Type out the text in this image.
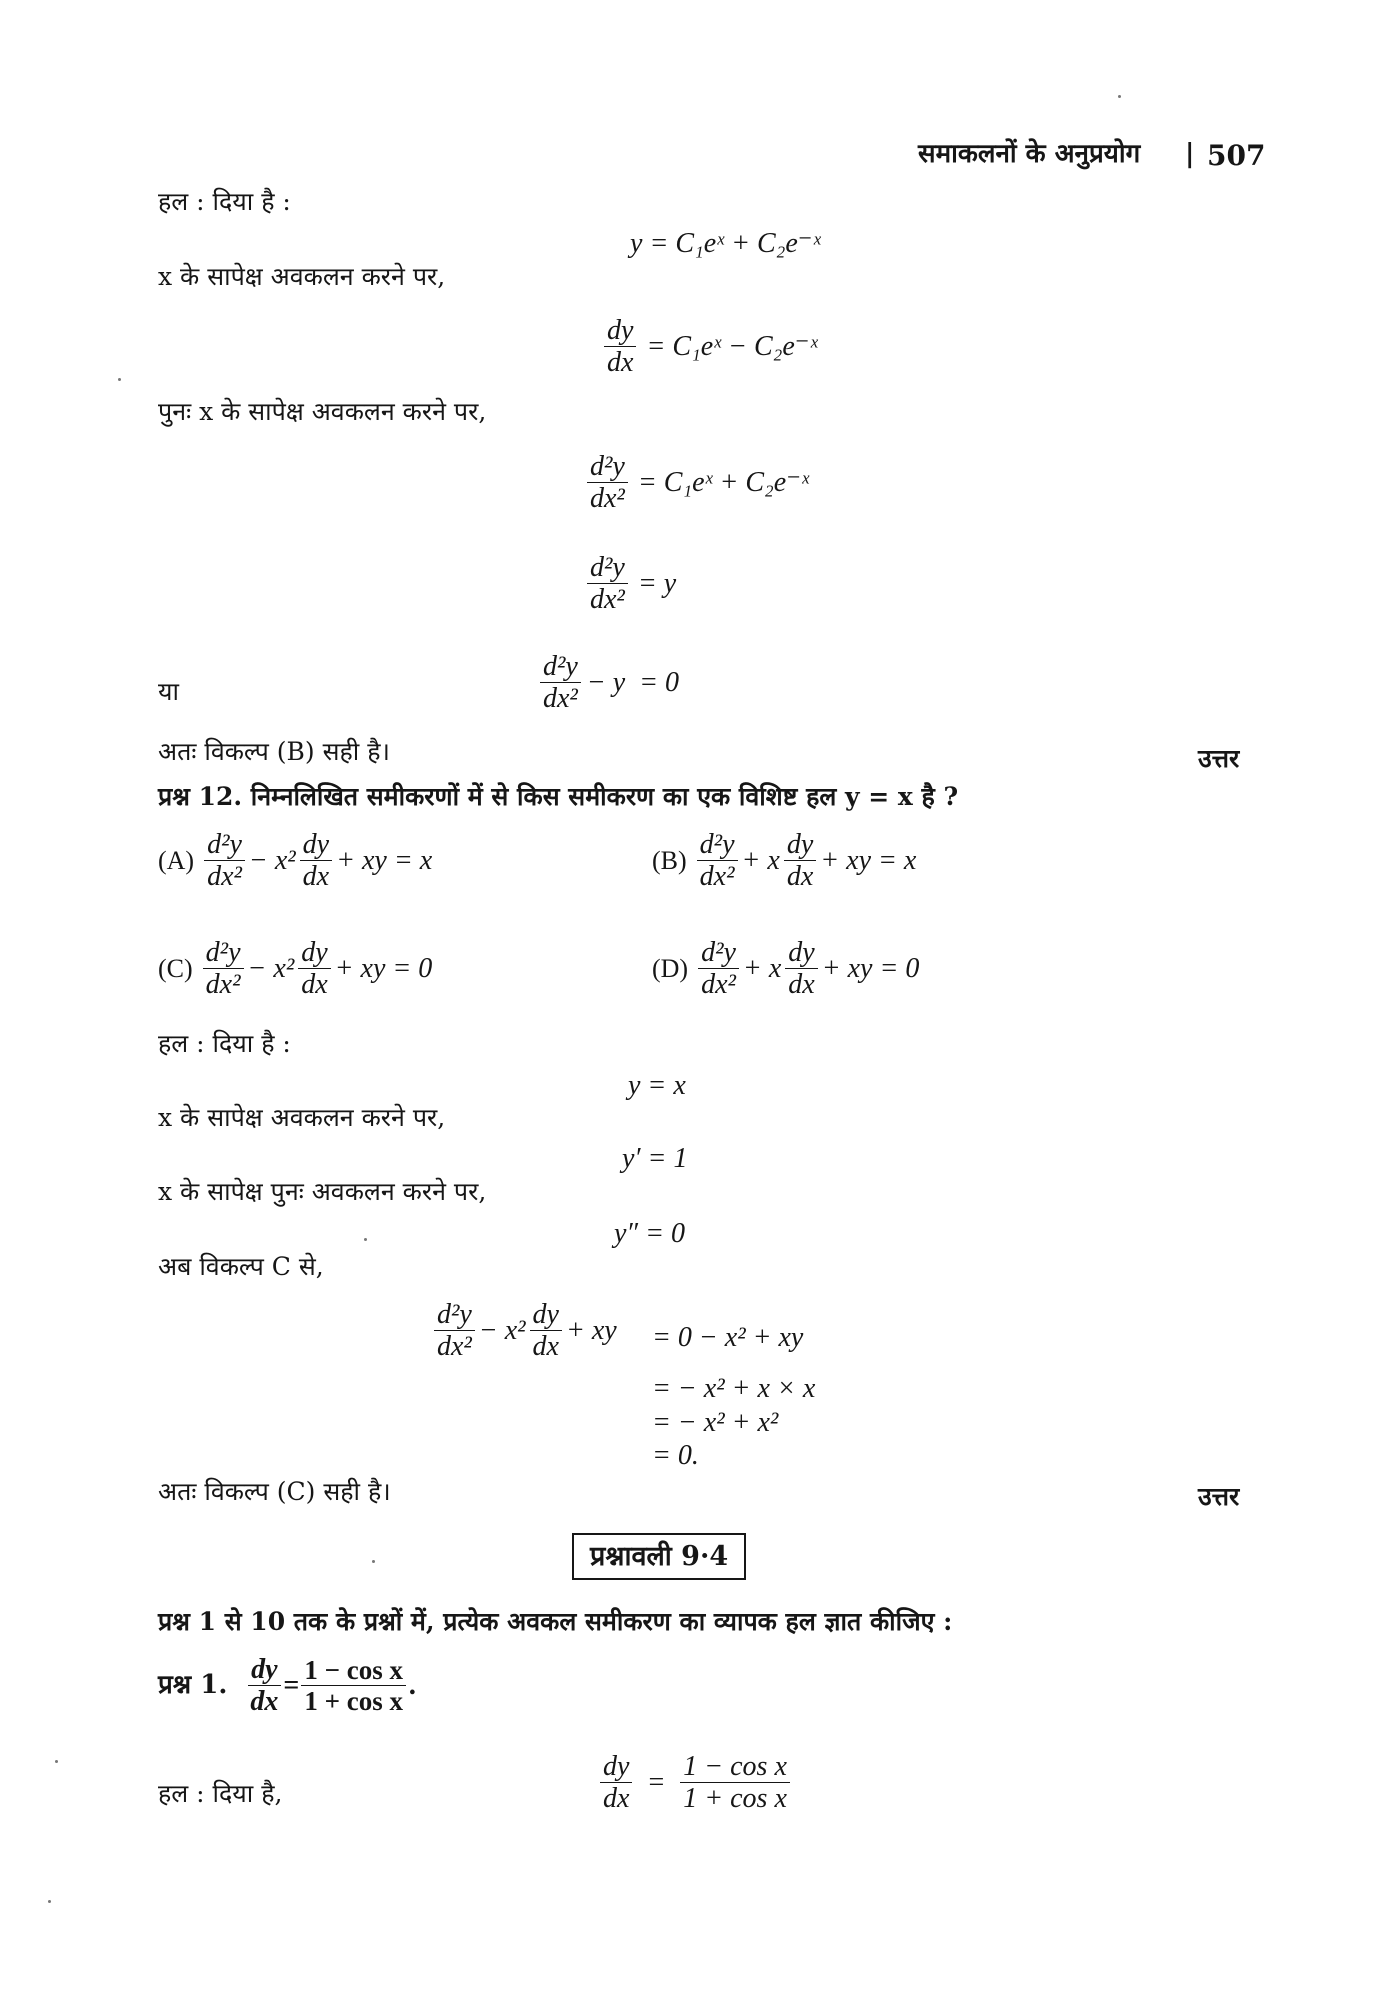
समाकलनों के अनुप्रयोग | 507
हल : दिया है :
y = C₁eˣ + C₂e⁻ˣ
x के सापेक्ष अवकलन करने पर,
$\frac{dy}{dx}$ = C₁eˣ − C₂e⁻ˣ
पुनः x के सापेक्ष अवकलन करने पर,
$\frac{\text{d²y}}{\text{dx²}}$ = C₁eˣ + C₂e⁻ˣ
$\frac{\text{d²y}}{\text{dx²}} = y$
या	$\frac{\text{d²y}}{\text{dx²}} - y = 0$
अतः विकल्प (B) सही है।	उत्तर
प्रश्न 12. निम्नलिखित समीकरणों में से किस समीकरण का एक विशिष्ट हल y = x है ?
$(A) \frac{\text{d²y}}{\text{dx²}} - x^2 \frac{dy}{dx}$ + xy = x	$(B) \frac{\text{d²y}}{\text{dx²}} + x \frac{dy}{dx}$ + xy = x
$(C) \frac{\text{d²y}}{\text{dx²}} - x^2 \frac{dy}{dx}$ + xy = 0	$(D) \frac{\text{d²y}}{\text{dx²}} + x \frac{dy}{dx}$ + xy = 0
हल : दिया है :
y = x
x के सापेक्ष अवकलन करने पर,
y′ = 1
x के सापेक्ष पुनः अवकलन करने पर,
y″ = 0
अब विकल्प C से,
$\frac{\text{d²y}}{\text{dx²}} - x^2 \frac{dy}{dx}$ + xy = 0 − x² + xy
= − x² + x × x
= − x² + x²
= 0.
अतः विकल्प (C) सही है।	उत्तर
प्रश्नावली 9·4
प्रश्न 1 से 10 तक के प्रश्नों में, प्रत्येक अवकल समीकरण का व्यापक हल ज्ञात कीजिए :
प्रश्न 1. $\frac{dy}{dx} = \frac{\text{1 − cos x}}{\text{1 + cos x}}$ .
हल : दिया है,	$\frac{dy}{dx} = \frac{\text{1 − cos x}}{\text{1 + cos x}}$
